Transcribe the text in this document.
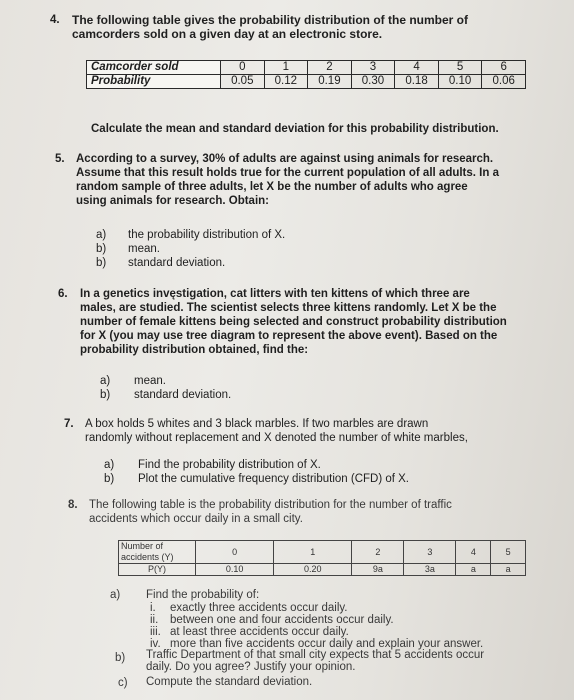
4. The following table gives the probability distribution of the number of
camcorders sold on a given day at an electronic store.
Camcorder sold	0	1	2	3	4	5	6
Probability	0.05	0.12	0.19	0.30	0.18	0.10	0.06
Calculate the mean and standard deviation for this probability distribution.
5. According to a survey, 30% of adults are against using animals for research.
Assume that this result holds true for the current population of all adults. In a
random sample of three adults, let X be the number of adults who agree
using animals for research. Obtain:
a) the probability distribution of X.
b) mean.
b) standard deviation.
6. In a genetics invęstigation, cat litters with ten kittens of which three are
males, are studied. The scientist selects three kittens randomly. Let X be the
number of female kittens being selected and construct probability distribution
for X (you may use tree diagram to represent the above event). Based on the
probability distribution obtained, find the:
a) mean.
b) standard deviation.
7. A box holds 5 whites and 3 black marbles. If two marbles are drawn
randomly without replacement and X denoted the number of white marbles,
a) Find the probability distribution of X.
b) Plot the cumulative frequency distribution (CFD) of X.
8. The following table is the probability distribution for the number of traffic
accidents which occur daily in a small city.
Number of accidents (Y)	0	1	2	3	4	5
P(Y)	0.10	0.20	9a	3a	a	a
a) Find the probability of:
i. exactly three accidents occur daily.
ii. between one and four accidents occur daily.
iii. at least three accidents occur daily.
iv. more than five accidents occur daily and explain your answer.
b) Traffic Department of that small city expects that 5 accidents occur
daily. Do you agree? Justify your opinion.
c) Compute the standard deviation.
